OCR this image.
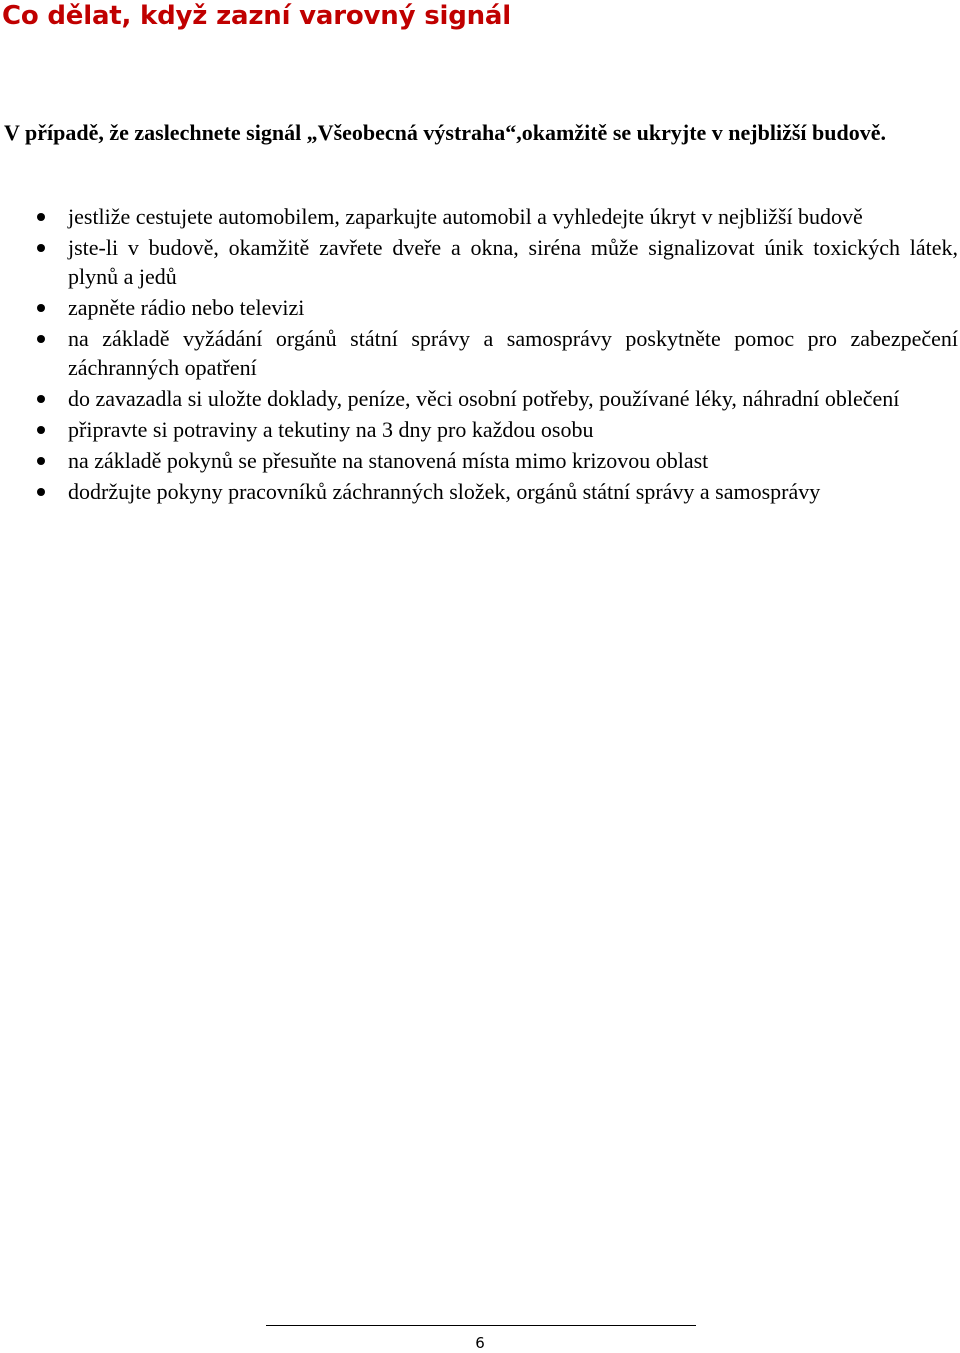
Co dělat, když zazní varovný signál

V případě, že zaslechnete signál „Všeobecná výstraha“,okamžitě se ukryjte v nejbližší budově.

jestliže cestujete automobilem, zaparkujte automobil a vyhledejte úkryt v nejbližší budově
jste-li v budově, okamžitě zavřete dveře a okna, siréna může signalizovat únik toxických látek, plynů a jedů
zapněte rádio nebo televizi
na základě vyžádání orgánů státní správy a samosprávy poskytněte pomoc pro zabezpečení záchranných opatření
do zavazadla si uložte doklady, peníze, věci osobní potřeby, používané léky, náhradní oblečení
připravte si potraviny a tekutiny na 3 dny pro každou osobu
na základě pokynů se přesuňte na stanovená místa mimo krizovou oblast
dodržujte pokyny pracovníků záchranných složek, orgánů státní správy a samosprávy
6
